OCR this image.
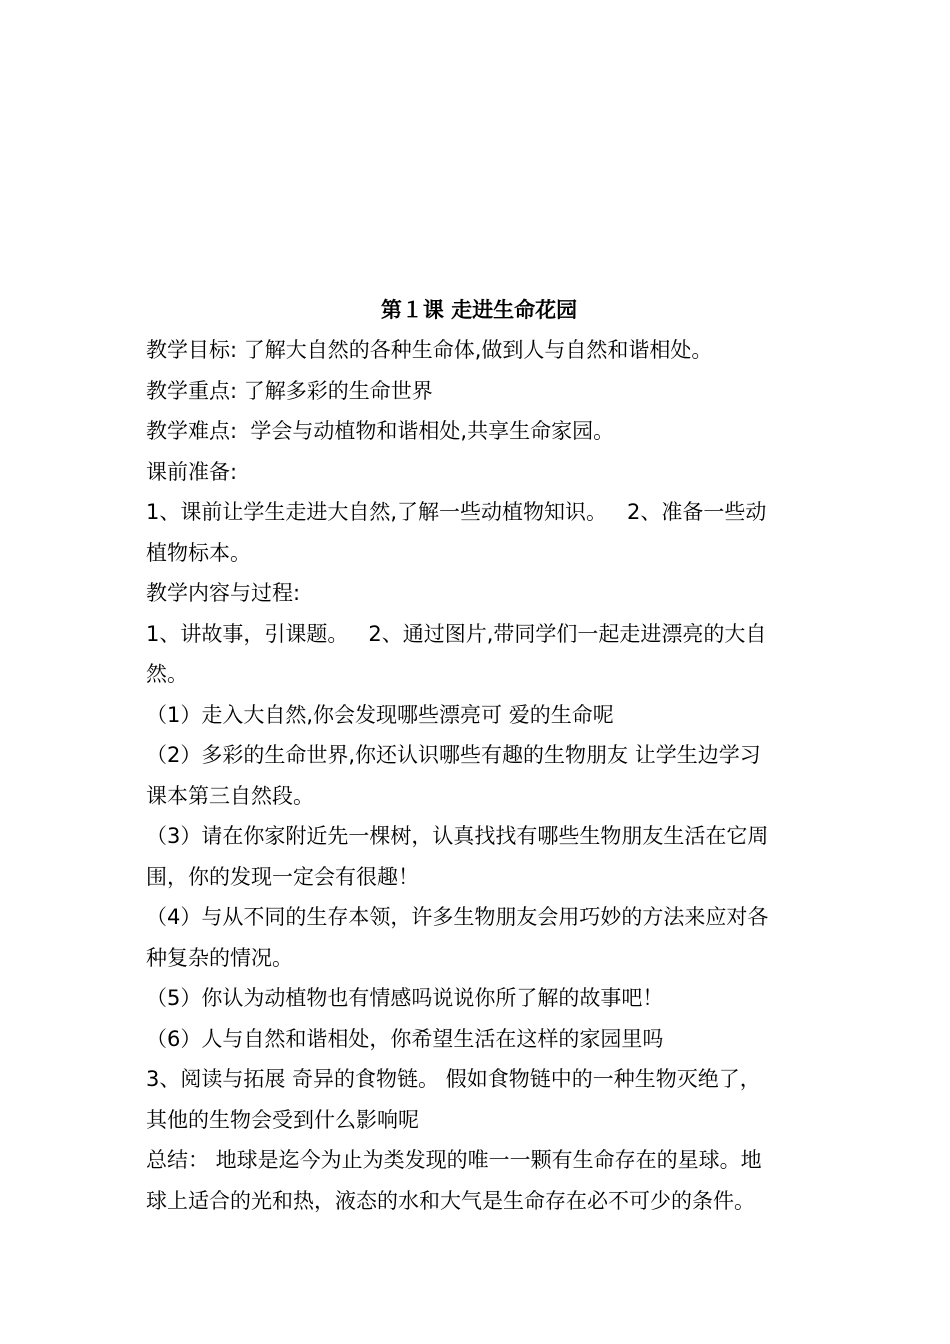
第１课 走进生命花园

教学目标: 了解大自然的各种生命体,做到人与自然和谐相处。

教学重点: 了解多彩的生命世界

教学难点:  学会与动植物和谐相处,共享生命家园。

课前准备:

1、课前让学生走进大自然,了解一些动植物知识。   2、准备一些动

植物标本。

教学内容与过程:

1、讲故事，引课题。   2、通过图片,带同学们一起走进漂亮的大自

然。

（1）走入大自然,你会发现哪些漂亮可 爱的生命呢

（2）多彩的生命世界,你还认识哪些有趣的生物朋友 让学生边学习

课本第三自然段。

（3）请在你家附近先一棵树，认真找找有哪些生物朋友生活在它周

围，你的发现一定会有很趣！

（4）与从不同的生存本领，许多生物朋友会用巧妙的方法来应对各

种复杂的情况。

（5）你认为动植物也有情感吗说说你所了解的故事吧！

（6）人与自然和谐相处，你希望生活在这样的家园里吗

3、阅读与拓展 奇异的食物链。 假如食物链中的一种生物灭绝了，

其他的生物会受到什么影响呢

总结： 地球是迄今为止为类发现的唯一一颗有生命存在的星球。地

球上适合的光和热，液态的水和大气是生命存在必不可少的条件。
